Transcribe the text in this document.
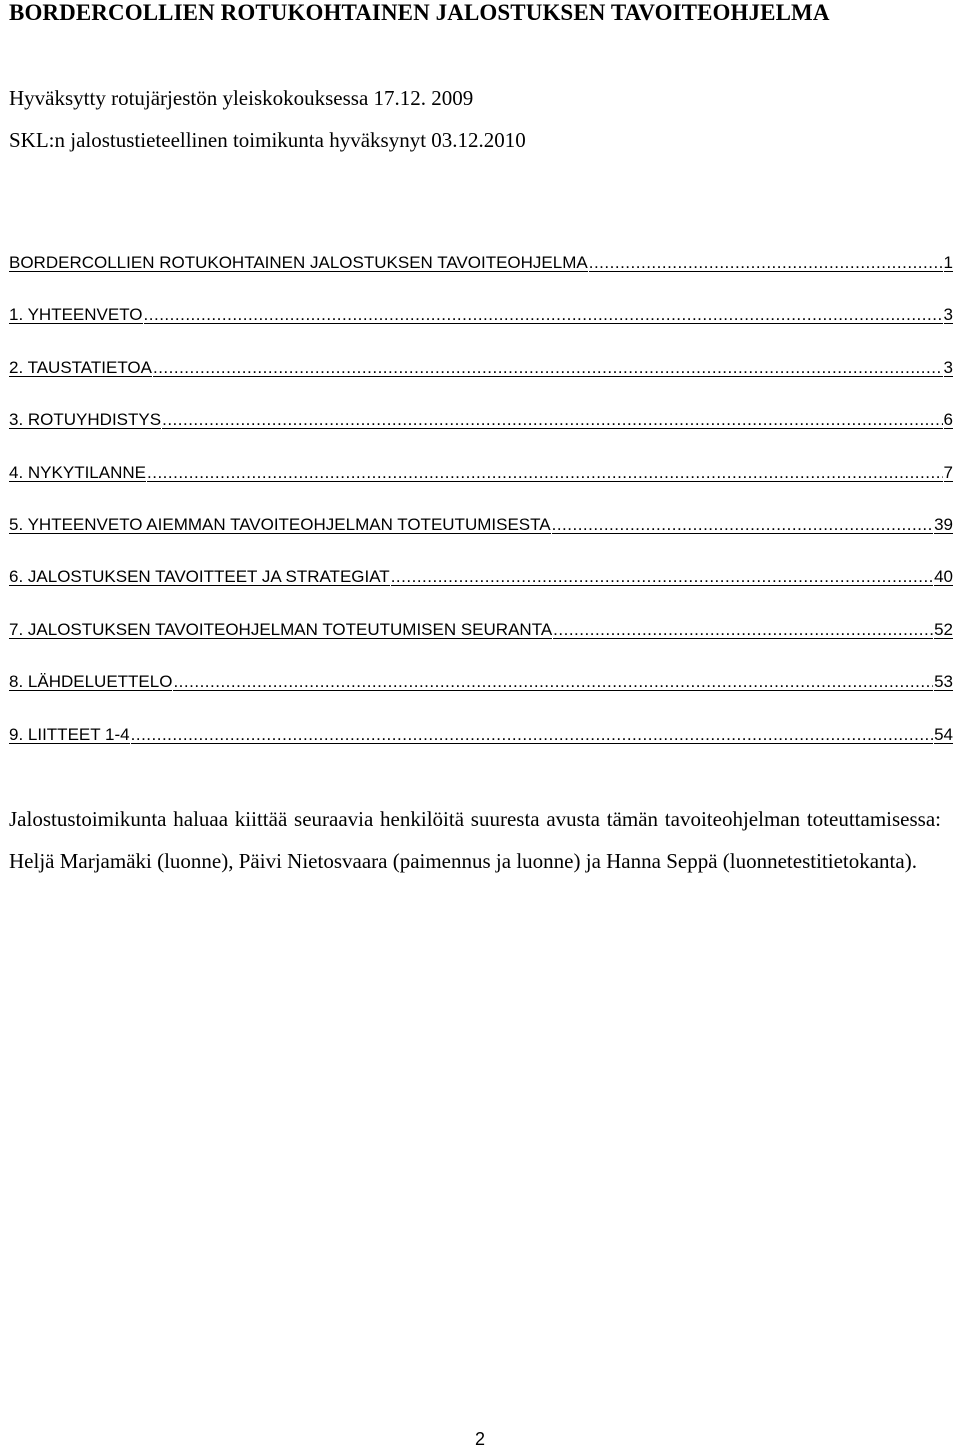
BORDERCOLLIEN ROTUKOHTAINEN JALOSTUKSEN TAVOITEOHJELMA
Hyväksytty rotujärjestön yleiskokouksessa 17.12. 2009
SKL:n jalostustieteellinen toimikunta hyväksynyt 03.12.2010
BORDERCOLLIEN ROTUKOHTAINEN JALOSTUKSEN TAVOITEOHJELMA .....	1
1. YHTEENVETO .....	3
2. TAUSTATIETOA .....	3
3. ROTUYHDISTYS .....	6
4. NYKYTILANNE .....	7
5. YHTEENVETO AIEMMAN TAVOITEOHJELMAN TOTEUTUMISESTA .....	39
6. JALOSTUKSEN TAVOITTEET JA STRATEGIAT .....	40
7. JALOSTUKSEN TAVOITEOHJELMAN TOTEUTUMISEN SEURANTA .....	52
8. LÄHDELUETTELO .....	53
9. LIITTEET 1-4 .....	54

Jalostustoimikunta haluaa kiittää seuraavia henkilöitä suuresta avusta tämän tavoiteohjelman toteuttamisessa: Heljä Marjamäki (luonne), Päivi Nietosvaara (paimennus ja luonne) ja Hanna Seppä (luonnetestitietokanta).

2
